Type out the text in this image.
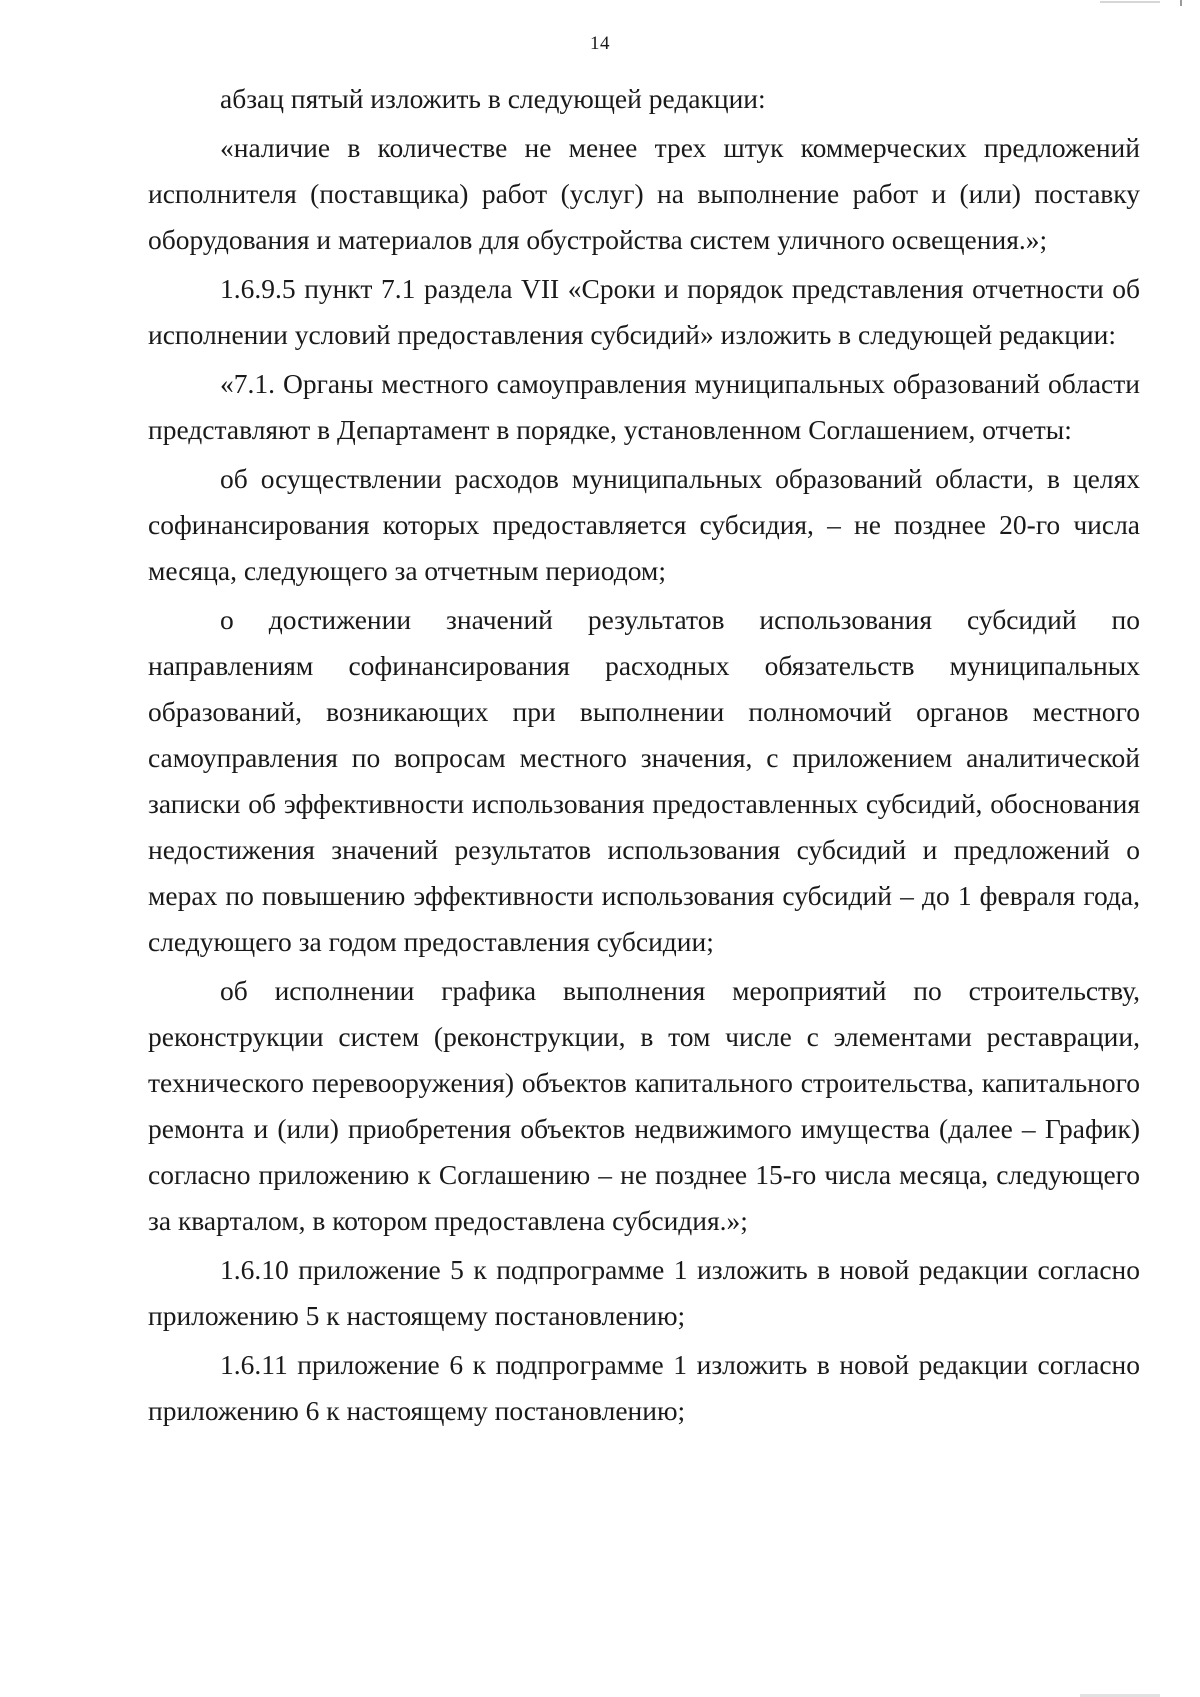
14

абзац пятый изложить в следующей редакции:

«наличие в количестве не менее трех штук коммерческих предложений исполнителя (поставщика) работ (услуг) на выполнение работ и (или) поставку оборудования и материалов для обустройства систем уличного освещения.»;

1.6.9.5 пункт 7.1 раздела VII «Сроки и порядок представления отчетности об исполнении условий предоставления субсидий» изложить в следующей редакции:

«7.1. Органы местного самоуправления муниципальных образований области представляют в Департамент в порядке, установленном Соглашением, отчеты:

об осуществлении расходов муниципальных образований области, в целях софинансирования которых предоставляется субсидия, – не позднее 20-го числа месяца, следующего за отчетным периодом;

о достижении значений результатов использования субсидий по направлениям софинансирования расходных обязательств муниципальных образований, возникающих при выполнении полномочий органов местного самоуправления по вопросам местного значения, с приложением аналитической записки об эффективности использования предоставленных субсидий, обоснования недостижения значений результатов использования субсидий и предложений о мерах по повышению эффективности использования субсидий – до 1 февраля года, следующего за годом предоставления субсидии;

об исполнении графика выполнения мероприятий по строительству, реконструкции систем (реконструкции, в том числе с элементами реставрации, технического перевооружения) объектов капитального строительства, капитального ремонта и (или) приобретения объектов недвижимого имущества (далее – График) согласно приложению к Соглашению – не позднее 15-го числа месяца, следующего за кварталом, в котором предоставлена субсидия.»;

1.6.10 приложение 5 к подпрограмме 1 изложить в новой редакции согласно приложению 5 к настоящему постановлению;

1.6.11 приложение 6 к подпрограмме 1 изложить в новой редакции согласно приложению 6 к настоящему постановлению;
